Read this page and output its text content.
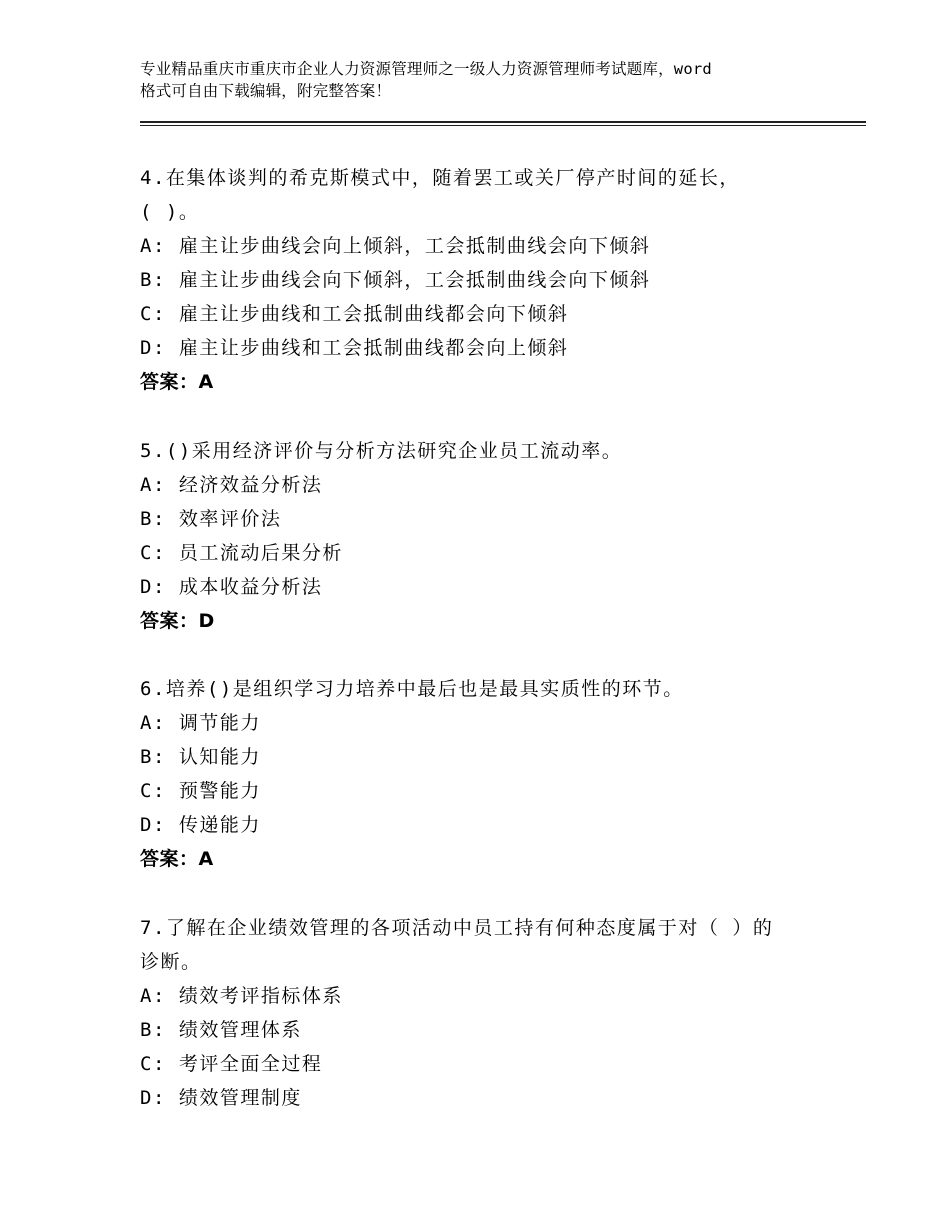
专业精品重庆市重庆市企业人力资源管理师之一级人力资源管理师考试题库，word
格式可自由下载编辑，附完整答案！
4.在集体谈判的希克斯模式中，随着罢工或关厂停产时间的延长，
( )。
A: 雇主让步曲线会向上倾斜，工会抵制曲线会向下倾斜
B: 雇主让步曲线会向下倾斜，工会抵制曲线会向下倾斜
C: 雇主让步曲线和工会抵制曲线都会向下倾斜
D: 雇主让步曲线和工会抵制曲线都会向上倾斜
答案：A
5.()采用经济评价与分析方法研究企业员工流动率。
A: 经济效益分析法
B: 效率评价法
C: 员工流动后果分析
D: 成本收益分析法
答案：D
6.培养()是组织学习力培养中最后也是最具实质性的环节。
A: 调节能力
B: 认知能力
C: 预警能力
D: 传递能力
答案：A
7.了解在企业绩效管理的各项活动中员工持有何种态度属于对（ ）的
诊断。
A: 绩效考评指标体系
B: 绩效管理体系
C: 考评全面全过程
D: 绩效管理制度
